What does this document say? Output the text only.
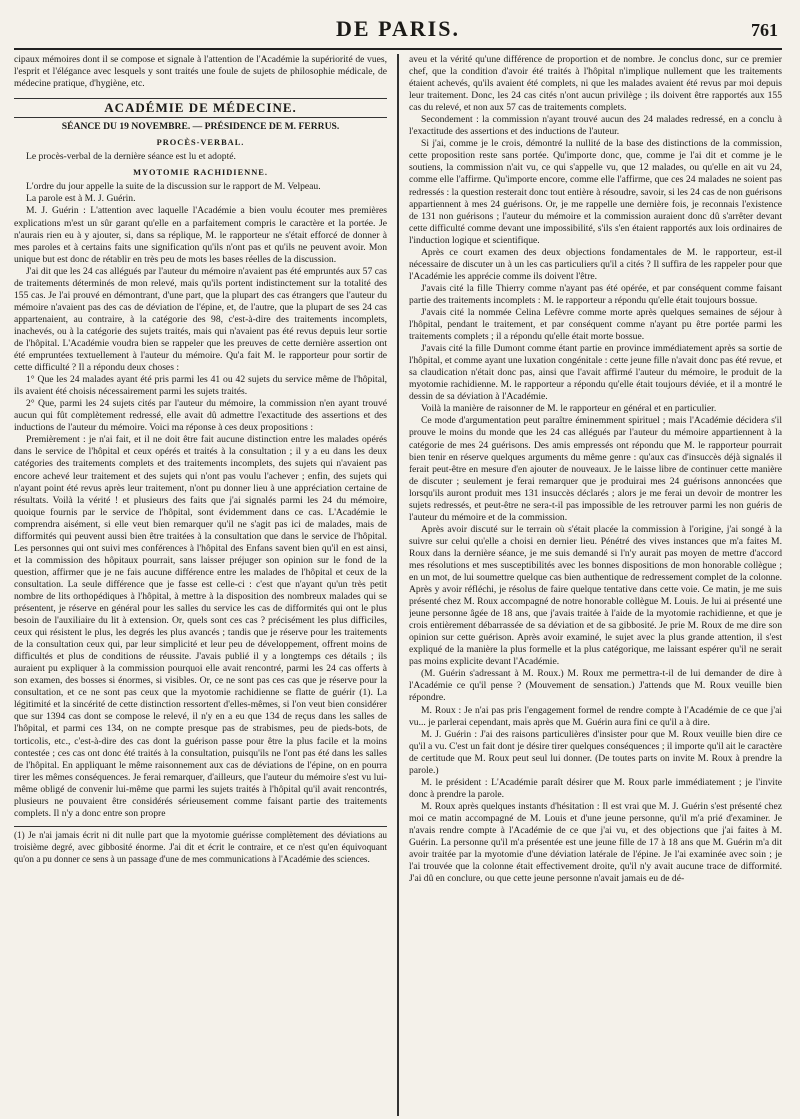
DE PARIS.	761

cipaux mémoires dont il se compose et signale à l'attention de l'Académie la supériorité de vues, l'esprit et l'élégance avec lesquels y sont traités une foule de sujets de philosophie médicale, de médecine pratique, d'hygiène, etc.

ACADÉMIE DE MÉDECINE.
SÉANCE DU 19 NOVEMBRE. — PRÉSIDENCE DE M. FERRUS.
PROCÈS-VERBAL.

Le procès-verbal de la dernière séance est lu et adopté.

MYOTOMIE RACHIDIENNE.

L'ordre du jour appelle la suite de la discussion sur le rapport de M. Velpeau.

La parole est à M. J. Guérin.

M. J. Guérin : L'attention avec laquelle l'Académie a bien voulu écouter mes premières explications m'est un sûr garant qu'elle en a parfaitement compris le caractère et la portée. Je n'aurais rien eu à y ajouter, si, dans sa réplique, M. le rapporteur ne s'était efforcé de donner à mes paroles et à certains faits une signification qu'ils n'ont pas et qu'ils ne peuvent avoir. Mon unique but est donc de rétablir en très peu de mots les bases réelles de la discussion.

J'ai dit que les 24 cas allégués par l'auteur du mémoire n'avaient pas été empruntés aux 57 cas de traitements déterminés de mon relevé, mais qu'ils portent indistinctement sur la totalité des 155 cas. Je l'ai prouvé en démontrant, d'une part, que la plupart des cas étrangers que l'auteur du mémoire n'avaient pas des cas de déviation de l'épine, et, de l'autre, que la plupart de ses 24 cas appartenaient, au contraire, à la catégorie des 98, c'est-à-dire des traitements incomplets, inachevés, ou à la catégorie des sujets traités, mais qui n'avaient pas été revus depuis leur sortie de l'hôpital. L'Académie voudra bien se rappeler que les preuves de cette dernière assertion ont été empruntées textuellement à l'auteur du mémoire. Qu'a fait M. le rapporteur pour sortir de cette difficulté ? Il a répondu deux choses :

1° Que les 24 malades ayant été pris parmi les 41 ou 42 sujets du service même de l'hôpital, ils avaient été choisis nécessairement parmi les sujets traités.

2° Que, parmi les 24 sujets cités par l'auteur du mémoire, la commission n'en ayant trouvé aucun qui fût complètement redressé, elle avait dû admettre l'exactitude des assertions et des inductions de l'auteur du mémoire. Voici ma réponse à ces deux propositions :

Premièrement : je n'ai fait, et il ne doit être fait aucune distinction entre les malades opérés dans le service de l'hôpital et ceux opérés et traités à la consultation ; il y a eu dans les deux catégories des traitements complets et des traitements incomplets, des sujets qui n'avaient pas encore achevé leur traitement et des sujets qui n'ont pas voulu l'achever ; enfin, des sujets qui n'ayant point été revus après leur traitement, n'ont pu donner lieu à une appréciation certaine de résultats. Voilà la vérité ! et plusieurs des faits que j'ai signalés parmi les 24 du mémoire, quoique fournis par le service de l'hôpital, sont évidemment dans ce cas. L'Académie le comprendra aisément, si elle veut bien remarquer qu'il ne s'agit pas ici de malades, mais de difformités qui peuvent aussi bien être traitées à la consultation que dans le service de l'hôpital. Les personnes qui ont suivi mes conférences à l'hôpital des Enfans savent bien qu'il en est ainsi, et la commission des hôpitaux pourrait, sans laisser préjuger son opinion sur le fond de la question, affirmer que je ne fais aucune différence entre les malades de l'hôpital et ceux de la consultation. La seule différence que je fasse est celle-ci : c'est que n'ayant qu'un très petit nombre de lits orthopédiques à l'hôpital, à mettre à la disposition des nombreux malades qui se présentent, je réserve en général pour les salles du service les cas de difformités qui ont le plus besoin de l'auxiliaire du lit à extension. Or, quels sont ces cas ? précisément les plus difficiles, ceux qui résistent le plus, les degrés les plus avancés ; tandis que je réserve pour les traitements de la consultation ceux qui, par leur simplicité et leur peu de développement, offrent moins de difficultés et plus de conditions de réussite. J'avais publié il y a longtemps ces détails ; ils auraient pu expliquer à la commission pourquoi elle avait rencontré, parmi les 24 cas offerts à son examen, des bosses si énormes, si visibles. Or, ce ne sont pas ces cas que je réserve pour la consultation, et ce ne sont pas ceux que la myotomie rachidienne se flatte de guérir (1). La légitimité et la sincérité de cette distinction ressortent d'elles-mêmes, si l'on veut bien considérer que sur 1394 cas dont se compose le relevé, il n'y en a eu que 134 de reçus dans les salles de l'hôpital, et parmi ces 134, on ne compte presque pas de strabismes, peu de pieds-bots, de torticolis, etc., c'est-à-dire des cas dont la guérison passe pour être la plus facile et la moins contestée ; ces cas ont donc été traités à la consultation, puisqu'ils ne l'ont pas été dans les salles de l'hôpital. En appliquant le même raisonnement aux cas de déviations de l'épine, on en pourra tirer les mêmes conséquences. Je ferai remarquer, d'ailleurs, que l'auteur du mémoire s'est vu lui-même obligé de convenir lui-même que parmi les sujets traités à l'hôpital qu'il avait rencontrés, plusieurs ne pouvaient être considérés sérieusement comme faisant partie des traitements complets. Il n'y a donc entre son propre

(1) Je n'ai jamais écrit ni dit nulle part que la myotomie guérisse complètement des déviations au troisième degré, avec gibbosité énorme. J'ai dit et écrit le contraire, et ce n'est qu'en équivoquant qu'on a pu donner ce sens à un passage d'une de mes communications à l'Académie des sciences.

aveu et la vérité qu'une différence de proportion et de nombre. Je conclus donc, sur ce premier chef, que la condition d'avoir été traités à l'hôpital n'implique nullement que les traitements étaient achevés, qu'ils avaient été complets, ni que les malades avaient été revus par moi depuis leur traitement. Donc, les 24 cas cités n'ont aucun privilège ; ils doivent être rapportés aux 155 cas du relevé, et non aux 57 cas de traitements complets.

Secondement : la commission n'ayant trouvé aucun des 24 malades redressé, en a conclu à l'exactitude des assertions et des inductions de l'auteur.

Si j'ai, comme je le crois, démontré la nullité de la base des distinctions de la commission, cette proposition reste sans portée. Qu'importe donc, que, comme je l'ai dit et comme je le soutiens, la commission n'ait vu, ce qui s'appelle vu, que 12 malades, ou qu'elle en ait vu 24, comme elle l'affirme. Qu'importe encore, comme elle l'affirme, que ces 24 malades ne soient pas redressés : la question resterait donc tout entière à résoudre, savoir, si les 24 cas de non guérisons appartiennent à mes 24 guérisons. Or, je me rappelle une dernière fois, je reconnais l'existence de 131 non guérisons ; l'auteur du mémoire et la commission auraient donc dû s'arrêter devant cette difficulté comme devant une impossibilité, s'ils s'en étaient rapportés aux lois ordinaires de l'induction logique et scientifique.

Après ce court examen des deux objections fondamentales de M. le rapporteur, est-il nécessaire de discuter un à un les cas particuliers qu'il a cités ? Il suffira de les rappeler pour que l'Académie les apprécie comme ils doivent l'être.

J'avais cité la fille Thierry comme n'ayant pas été opérée, et par conséquent comme faisant partie des traitements incomplets : M. le rapporteur a répondu qu'elle était toujours bossue.

J'avais cité la nommée Celina Lefèvre comme morte après quelques semaines de séjour à l'hôpital, pendant le traitement, et par conséquent comme n'ayant pu être portée parmi les traitements complets ; il a répondu qu'elle était morte bossue.

J'avais cité la fille Dumont comme étant partie en province immédiatement après sa sortie de l'hôpital, et comme ayant une luxation congénitale : cette jeune fille n'avait donc pas été revue, et sa claudication n'était donc pas, ainsi que l'avait affirmé l'auteur du mémoire, le produit de la myotomie rachidienne. M. le rapporteur a répondu qu'elle était toujours déviée, et il a montré le dessin de sa déviation à l'Académie.

Voilà la manière de raisonner de M. le rapporteur en général et en particulier.

Ce mode d'argumentation peut paraître éminemment spirituel ; mais l'Académie décidera s'il prouve le moins du monde que les 24 cas allégués par l'auteur du mémoire appartiennent à la catégorie de mes 24 guérisons. Des amis empressés ont répondu que M. le rapporteur pourrait bien tenir en réserve quelques arguments du même genre : qu'aux cas d'insuccès déjà signalés il ferait peut-être en mesure d'en ajouter de nouveaux. Je le laisse libre de continuer cette manière de discuter ; seulement je ferai remarquer que je produirai mes 24 guérisons annoncées que lorsqu'ils auront produit mes 131 insuccès déclarés ; alors je me ferai un devoir de montrer les sujets redressés, et peut-être ne sera-t-il pas impossible de les retrouver parmi les non guéris de l'auteur du mémoire et de la commission.

Après avoir discuté sur le terrain où s'était placée la commission à l'origine, j'ai songé à la suivre sur celui qu'elle a choisi en dernier lieu. Pénétré des vives instances que m'a faites M. Roux dans la dernière séance, je me suis demandé si l'n'y aurait pas moyen de mettre d'accord mes résolutions et mes susceptibilités avec les bonnes dispositions de mon honorable collègue ; en un mot, de lui soumettre quelque cas bien authentique de redressement complet de la colonne. Après y avoir réfléchi, je résolus de faire quelque tentative dans cette voie. Ce matin, je me suis présenté chez M. Roux accompagné de notre honorable collègue M. Louis. Je lui ai présenté une jeune personne âgée de 18 ans, que j'avais traitée à l'aide de la myotomie rachidienne, et que je crois entièrement débarrassée de sa déviation et de sa gibbosité. Je prie M. Roux de me dire son opinion sur cette guérison. Après avoir examiné, le sujet avec la plus grande attention, il s'est expliqué de la manière la plus formelle et la plus catégorique, me laissant espérer qu'il ne serait pas moins explicite devant l'Académie.

(M. Guérin s'adressant à M. Roux.) M. Roux me permettra-t-il de lui demander de dire à l'Académie ce qu'il pense ? (Mouvement de sensation.) J'attends que M. Roux veuille bien répondre.

M. Roux : Je n'ai pas pris l'engagement formel de rendre compte à l'Académie de ce que j'ai vu... je parlerai cependant, mais après que M. Guérin aura fini ce qu'il a à dire.

M. J. Guérin : J'ai des raisons particulières d'insister pour que M. Roux veuille bien dire ce qu'il a vu. C'est un fait dont je désire tirer quelques conséquences ; il importe qu'il ait le caractère de certitude que M. Roux peut seul lui donner. (De toutes parts on invite M. Roux à prendre la parole.)

M. le président : L'Académie paraît désirer que M. Roux parle immédiatement ; je l'invite donc à prendre la parole.

M. Roux après quelques instants d'hésitation : Il est vrai que M. J. Guérin s'est présenté chez moi ce matin accompagné de M. Louis et d'une jeune personne, qu'il m'a prié d'examiner. Je n'avais rendre compte à l'Académie de ce que j'ai vu, et des objections que j'ai faites à M. Guérin. La personne qu'il m'a présentée est une jeune fille de 17 à 18 ans que M. Guérin m'a dit avoir traitée par la myotomie d'une déviation latérale de l'épine. Je l'ai examinée avec soin ; je l'ai trouvée que la colonne était effectivement droite, qu'il n'y avait aucune trace de difformité. J'ai dû en conclure, ou que cette jeune personne n'avait jamais eu de dé-
